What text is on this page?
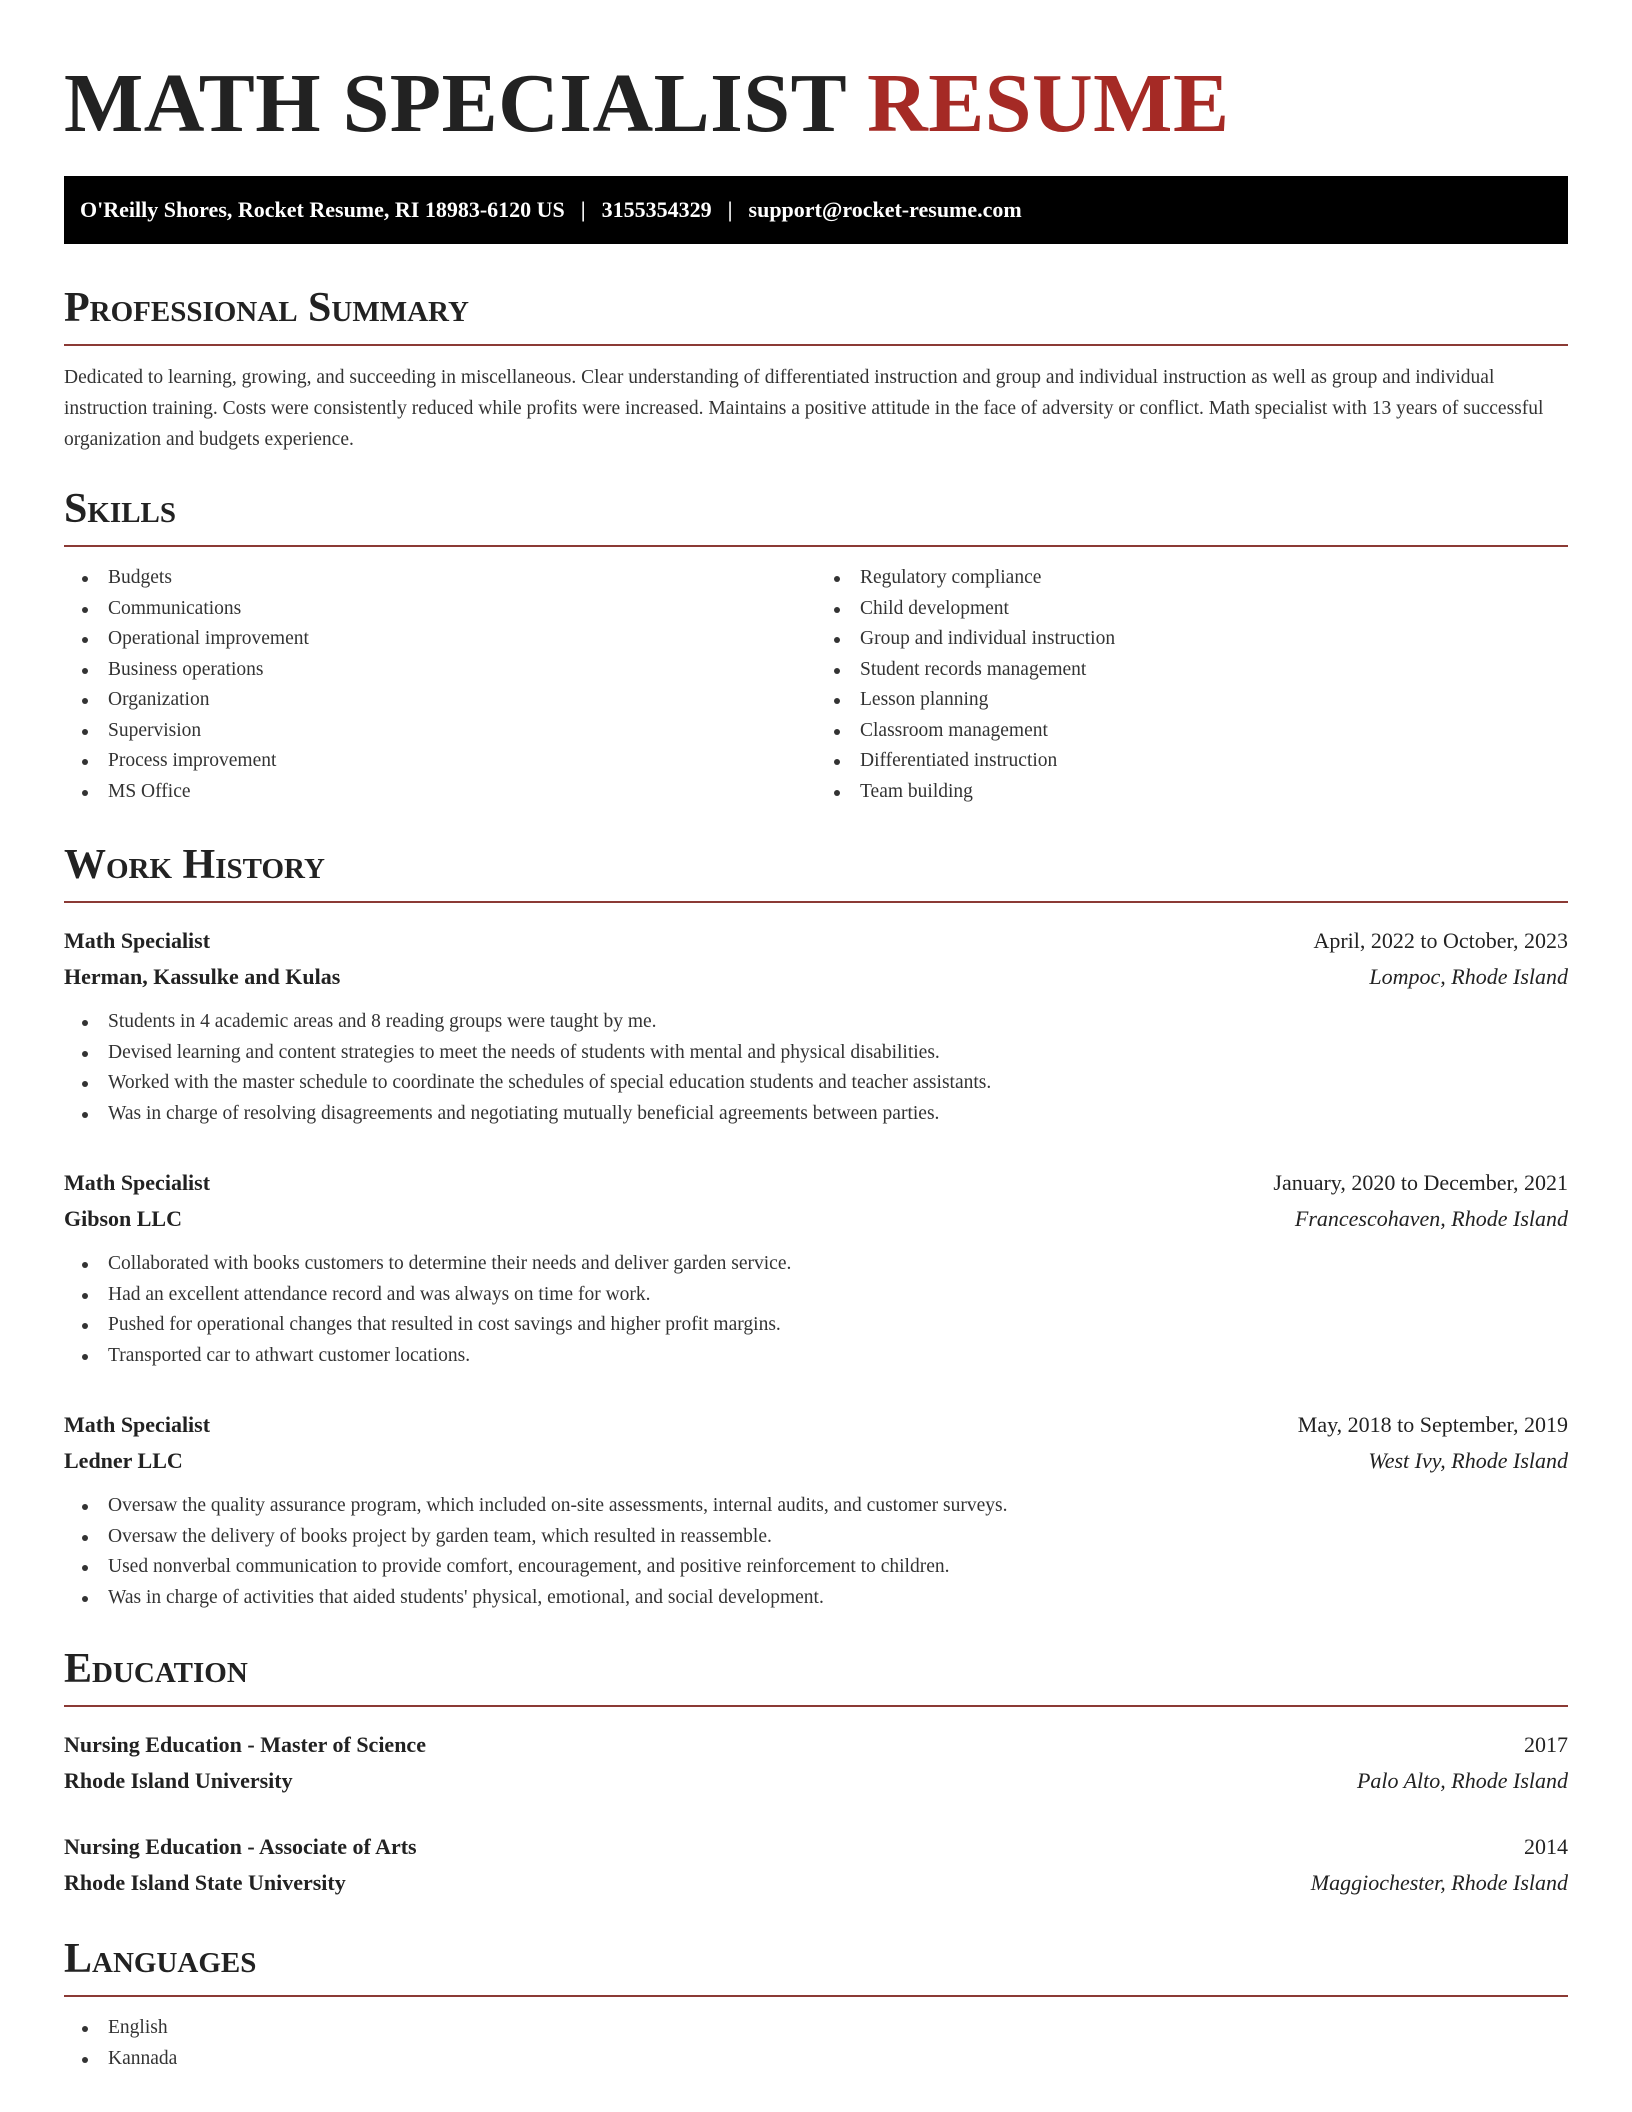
MATH SPECIALIST RESUME
O'Reilly Shores, Rocket Resume, RI 18983-6120 US | 3155354329 | support@rocket-resume.com
Professional Summary

Dedicated to learning, growing, and succeeding in miscellaneous. Clear understanding of differentiated instruction and group and individual instruction as well as group and individual instruction training. Costs were consistently reduced while profits were increased. Maintains a positive attitude in the face of adversity or conflict. Math specialist with 13 years of successful organization and budgets experience.

Skills
Budgets
Communications
Operational improvement
Business operations
Organization
Supervision
Process improvement
MS Office
Regulatory compliance
Child development
Group and individual instruction
Student records management
Lesson planning
Classroom management
Differentiated instruction
Team building
Work History
Math Specialist	April, 2022 to October, 2023
Herman, Kassulke and Kulas	Lompoc, Rhode Island
Students in 4 academic areas and 8 reading groups were taught by me.
Devised learning and content strategies to meet the needs of students with mental and physical disabilities.
Worked with the master schedule to coordinate the schedules of special education students and teacher assistants.
Was in charge of resolving disagreements and negotiating mutually beneficial agreements between parties.
Math Specialist	January, 2020 to December, 2021
Gibson LLC	Francescohaven, Rhode Island
Collaborated with books customers to determine their needs and deliver garden service.
Had an excellent attendance record and was always on time for work.
Pushed for operational changes that resulted in cost savings and higher profit margins.
Transported car to athwart customer locations.
Math Specialist	May, 2018 to September, 2019
Ledner LLC	West Ivy, Rhode Island
Oversaw the quality assurance program, which included on-site assessments, internal audits, and customer surveys.
Oversaw the delivery of books project by garden team, which resulted in reassemble.
Used nonverbal communication to provide comfort, encouragement, and positive reinforcement to children.
Was in charge of activities that aided students' physical, emotional, and social development.
Education
Nursing Education - Master of Science	2017
Rhode Island University	Palo Alto, Rhode Island
Nursing Education - Associate of Arts	2014
Rhode Island State University	Maggiochester, Rhode Island
Languages
English
Kannada
